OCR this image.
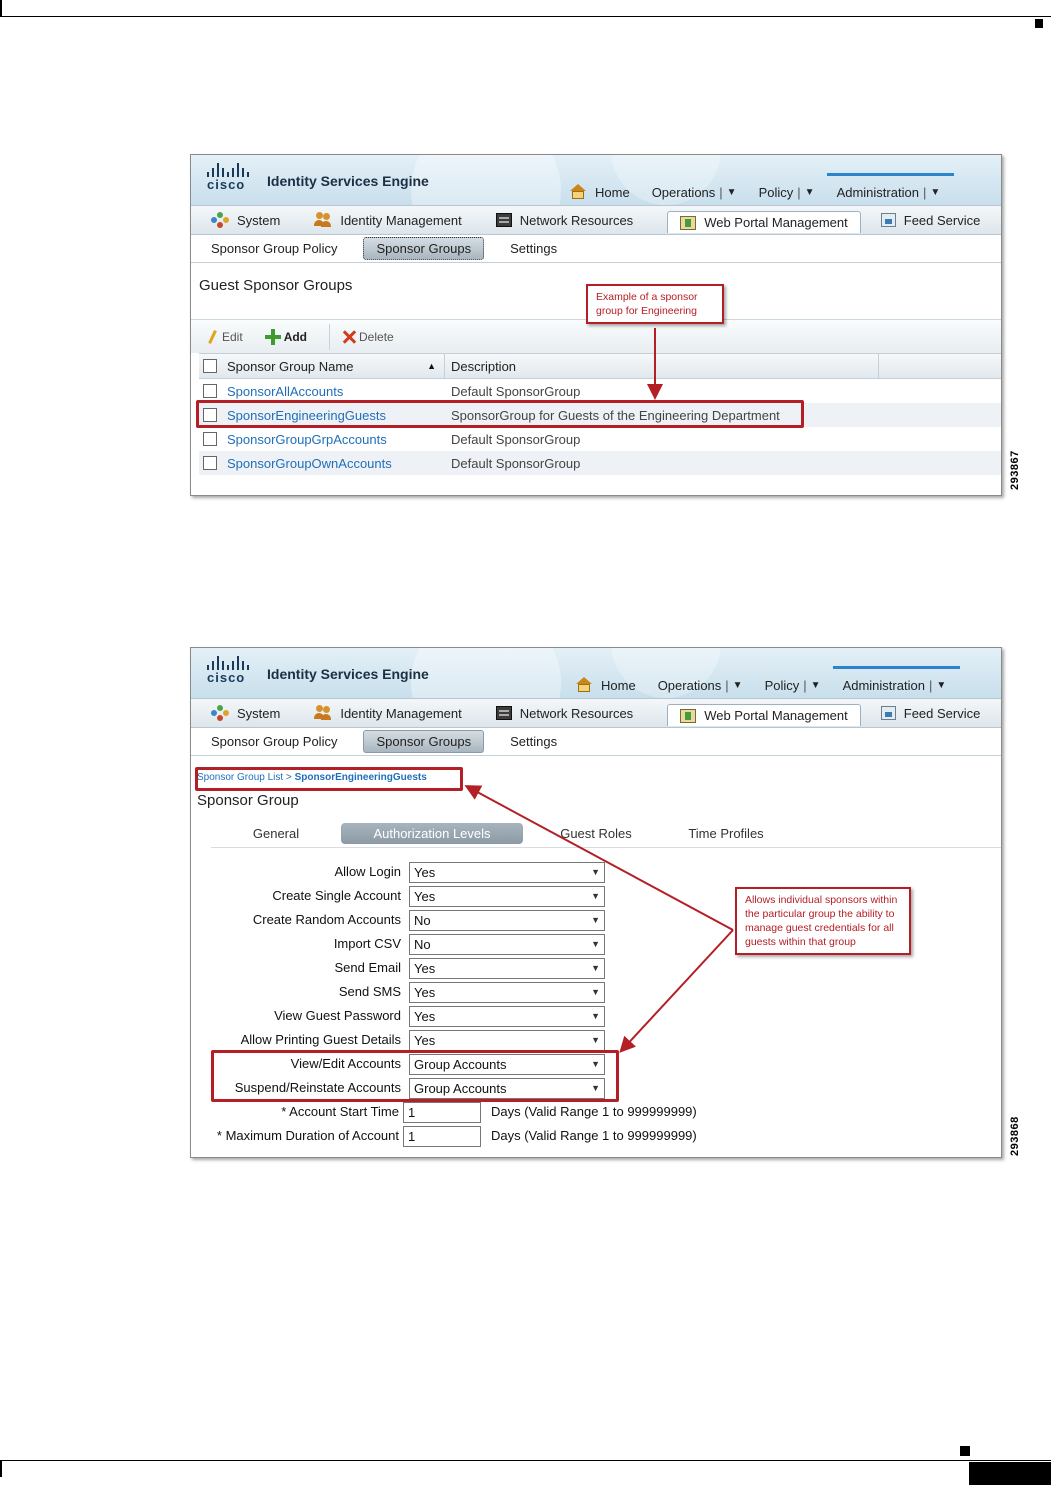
cisco Identity Services Engine
Home Operations | ▼ Policy | ▼ Administration | ▼
System	Identity Management	Network Resources	Web Portal Management	Feed Service
Sponsor Group Policy	Sponsor Groups	Settings
Guest Sponsor Groups
Edit	Add	Delete
Sponsor Group Name	▲	Description
SponsorAllAccounts	Default SponsorGroup
SponsorEngineeringGuests	SponsorGroup for Guests of the Engineering Department
SponsorGroupGrpAccounts	Default SponsorGroup
SponsorGroupOwnAccounts	Default SponsorGroup	293867
Example of a sponsor group for Engineering
cisco Identity Services Engine
Home Operations | ▼ Policy | ▼ Administration | ▼
System	Identity Management	Network Resources	Web Portal Management	Feed Service
Sponsor Group Policy	Sponsor Groups	Settings
Sponsor Group List > SponsorEngineeringGuests
Sponsor Group
General	Authorization Levels	Guest Roles	Time Profiles
Allow Login	Yes	▼
Create Single Account	Yes	▼
Create Random Accounts	No	▼
Import CSV	No	▼
Send Email	Yes	▼
Send SMS	Yes	▼
View Guest Password	Yes	▼
Allow Printing Guest Details	Yes	▼
View/Edit Accounts	Group Accounts	▼
Suspend/Reinstate Accounts	Group Accounts	▼
* Account Start Time 1	Days (Valid Range 1 to 999999999)
* Maximum Duration of Account 1	Days (Valid Range 1 to 999999999)	293868
Allows individual sponsors within the particular group the ability to manage guest credentials for all guests within that group
